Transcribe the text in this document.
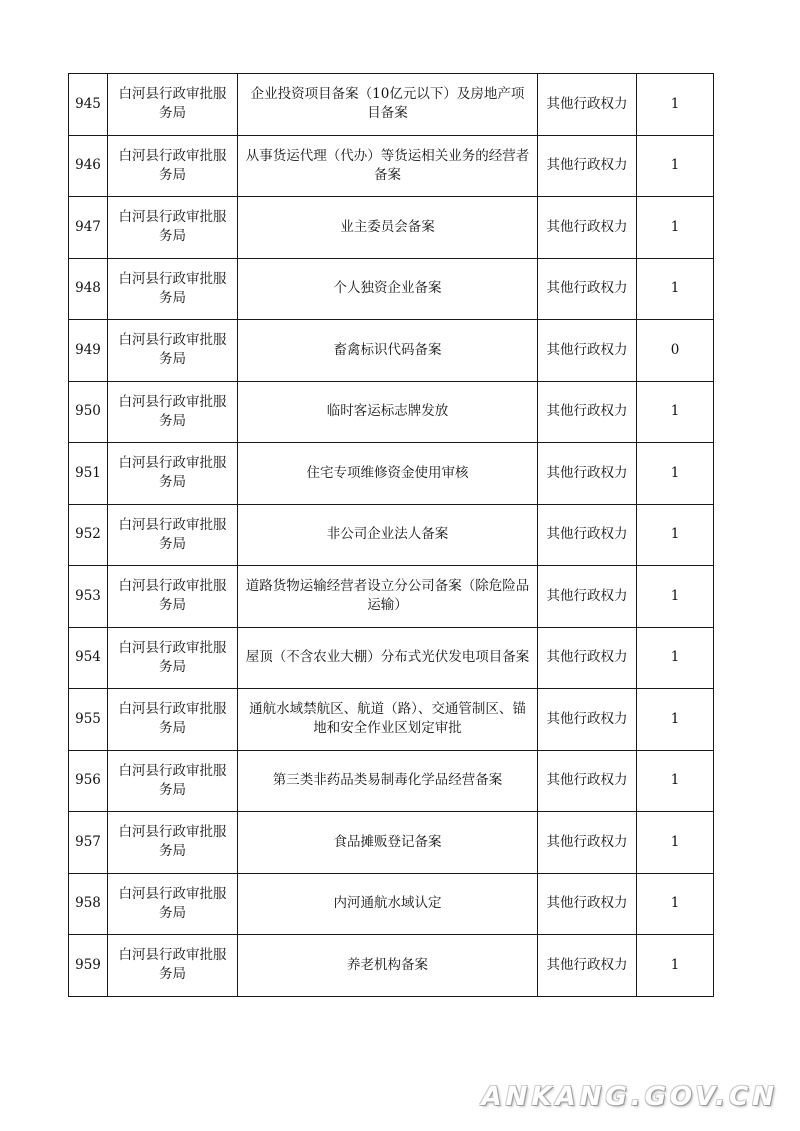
945	白河县行政审批服务局	企业投资项目备案（10亿元以下）及房地产项目备案	其他行政权力	1
946	白河县行政审批服务局	从事货运代理（代办）等货运相关业务的经营者备案	其他行政权力	1
947	白河县行政审批服务局	业主委员会备案	其他行政权力	1
948	白河县行政审批服务局	个人独资企业备案	其他行政权力	1
949	白河县行政审批服务局	畜禽标识代码备案	其他行政权力	0
950	白河县行政审批服务局	临时客运标志牌发放	其他行政权力	1
951	白河县行政审批服务局	住宅专项维修资金使用审核	其他行政权力	1
952	白河县行政审批服务局	非公司企业法人备案	其他行政权力	1
953	白河县行政审批服务局	道路货物运输经营者设立分公司备案（除危险品运输）	其他行政权力	1
954	白河县行政审批服务局	屋顶（不含农业大棚）分布式光伏发电项目备案	其他行政权力	1
955	白河县行政审批服务局	通航水域禁航区、航道（路）、交通管制区、锚地和安全作业区划定审批	其他行政权力	1
956	白河县行政审批服务局	第三类非药品类易制毒化学品经营备案	其他行政权力	1
957	白河县行政审批服务局	食品摊贩登记备案	其他行政权力	1
958	白河县行政审批服务局	内河通航水域认定	其他行政权力	1
959	白河县行政审批服务局	养老机构备案	其他行政权力	1
ANKANG.GOV.CN
